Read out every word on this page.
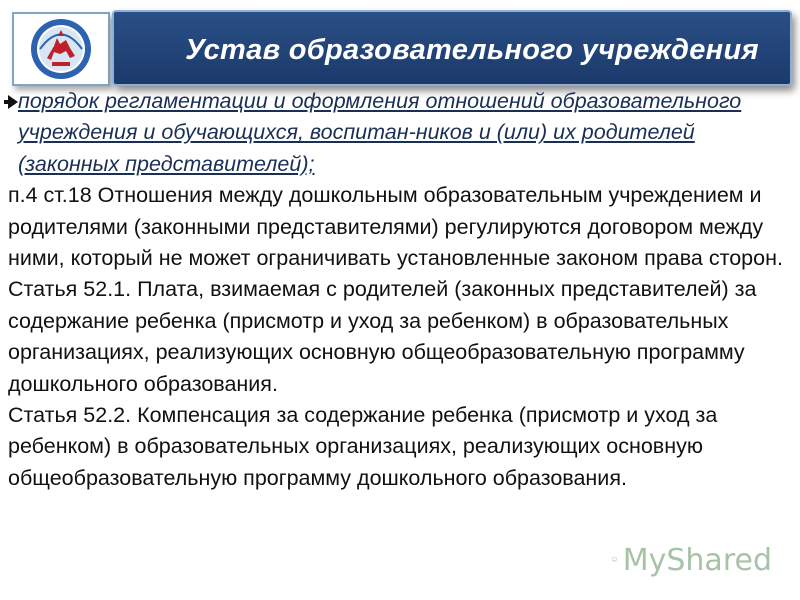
Устав образовательного учреждения
порядок регламентации и оформления отношений образовательного учреждения и обучающихся, воспитан-ников и (или) их родителей (законных представителей);
п.4 ст.18 Отношения между дошкольным образовательным учреждением и родителями (законными представителями) регулируются договором между ними, который не может ограничивать установленные законом права сторон.
Статья 52.1. Плата, взимаемая с родителей (законных представителей) за содержание ребенка (присмотр и уход за ребенком) в образовательных организациях, реализующих основную общеобразовательную программу дошкольного образования.
Статья 52.2. Компенсация за содержание ребенка (присмотр и уход за ребенком) в образовательных организациях, реализующих основную общеобразовательную программу дошкольного образования.
MyShared
